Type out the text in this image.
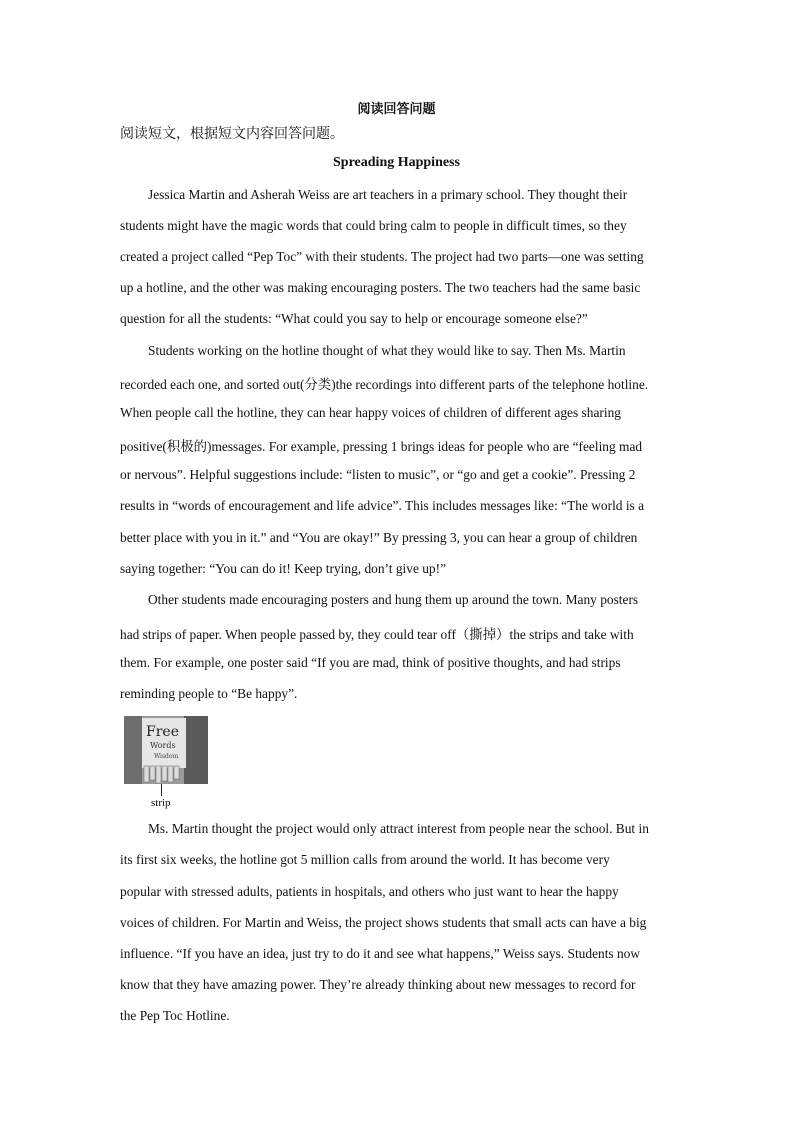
阅读回答问题
阅读短文，根据短文内容回答问题。
Spreading Happiness
Jessica Martin and Asherah Weiss are art teachers in a primary school. They thought their
students might have the magic words that could bring calm to people in difficult times, so they
created a project called “Pep Toc” with their students. The project had two parts—one was setting
up a hotline, and the other was making encouraging posters. The two teachers had the same basic
question for all the students: “What could you say to help or encourage someone else?”
Students working on the hotline thought of what they would like to say. Then Ms. Martin
recorded each one, and sorted out(分类)the recordings into different parts of the telephone hotline.
When people call the hotline, they can hear happy voices of children of different ages sharing
positive(积极的)messages. For example, pressing 1 brings ideas for people who are “feeling mad
or nervous”. Helpful suggestions include: “listen to music”, or “go and get a cookie”. Pressing 2
results in “words of encouragement and life advice”. This includes messages like: “The world is a
better place with you in it.” and “You are okay!” By pressing 3, you can hear a group of children
saying together: “You can do it! Keep trying, don’t give up!”
Other students made encouraging posters and hung them up around the town. Many posters
had strips of paper. When people passed by, they could tear off（撕掉）the strips and take with
them. For example, one poster said “If you are mad, think of positive thoughts, and had strips
reminding people to “Be happy”.
Free
Words
Wisdom
strip
Ms. Martin thought the project would only attract interest from people near the school. But in
its first six weeks, the hotline got 5 million calls from around the world. It has become very
popular with stressed adults, patients in hospitals, and others who just want to hear the happy
voices of children. For Martin and Weiss, the project shows students that small acts can have a big
influence. “If you have an idea, just try to do it and see what happens,” Weiss says. Students now
know that they have amazing power. They’re already thinking about new messages to record for
the Pep Toc Hotline.
